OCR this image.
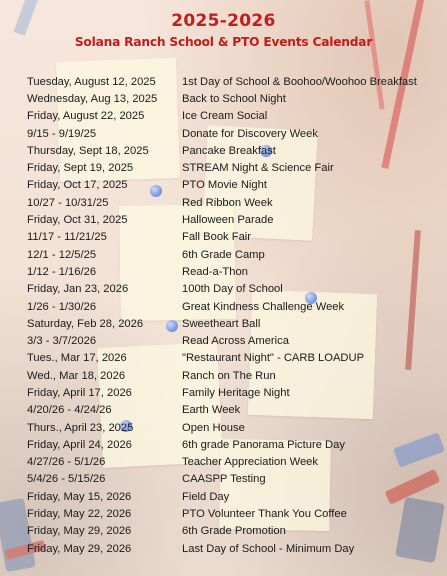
2025-2026
Solana Ranch School & PTO Events Calendar
Tuesday, August 12, 2025	1st Day of School & Boohoo/Woohoo Breakfast
Wednesday, Aug 13, 2025	Back to School Night
Friday, August 22, 2025	Ice Cream Social
9/15 - 9/19/25	Donate for Discovery Week
Thursday, Sept 18, 2025	Pancake Breakfast
Friday, Sept 19, 2025	STREAM Night & Science Fair
Friday, Oct 17, 2025	PTO Movie Night
10/27 - 10/31/25	Red Ribbon Week
Friday, Oct 31, 2025	Halloween Parade
11/17 - 11/21/25	Fall Book Fair
12/1 - 12/5/25	6th Grade Camp
1/12 - 1/16/26	Read-a-Thon
Friday, Jan 23, 2026	100th Day of School
1/26 - 1/30/26	Great Kindness Challenge Week
Saturday, Feb 28, 2026	Sweetheart Ball
3/3 - 3/7/2026	Read Across America
Tues., Mar 17, 2026	"Restaurant Night" - CARB LOADUP
Wed., Mar 18, 2026	Ranch on The Run
Friday, April 17, 2026	Family Heritage Night
4/20/26 - 4/24/26	Earth Week
Thurs., April 23, 2025	Open House
Friday, April 24, 2026	6th grade Panorama Picture Day
4/27/26 - 5/1/26	Teacher Appreciation Week
5/4/26 - 5/15/26	CAASPP Testing
Friday, May 15, 2026	Field Day
Friday, May 22, 2026	PTO Volunteer Thank You Coffee
Friday, May 29, 2026	6th Grade Promotion
Friday, May 29, 2026	Last Day of School - Minimum Day
